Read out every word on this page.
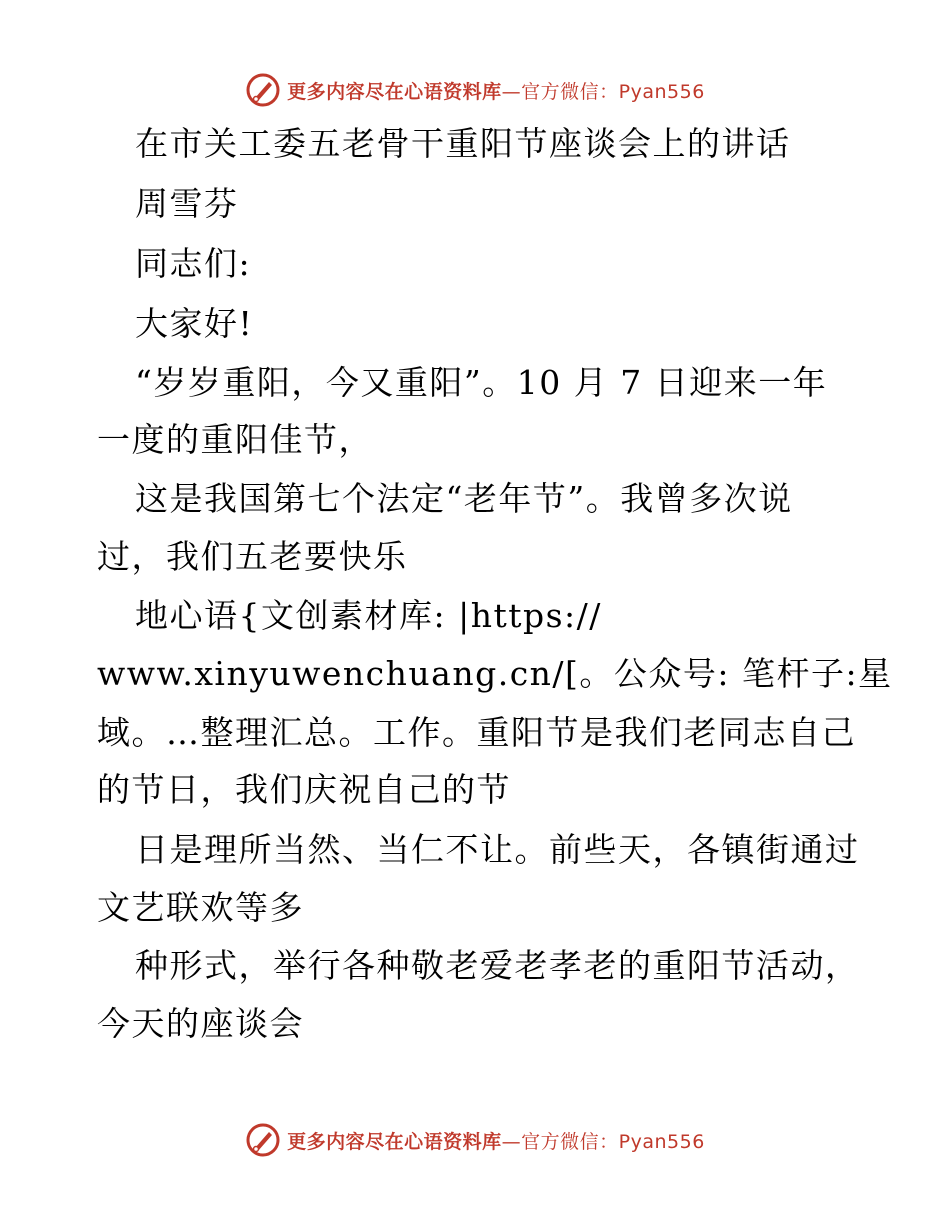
更多内容尽在心语资料库—官方微信：Pyan556
在市关工委五老骨干重阳节座谈会上的讲话
周雪芬
同志们:
大家好!
“岁岁重阳，今又重阳”。10 月 7 日迎来一年
一度的重阳佳节，
这是我国第七个法定“老年节”。我曾多次说
过，我们五老要快乐
地心语{文创素材库: |https://
www.xinyuwenchuang.cn/[。公众号: 笔杆子:星
域。…整理汇总。工作。重阳节是我们老同志自己
的节日，我们庆祝自己的节
日是理所当然、当仁不让。前些天，各镇街通过
文艺联欢等多
种形式，举行各种敬老爱老孝老的重阳节活动，
今天的座谈会
更多内容尽在心语资料库—官方微信：Pyan556
